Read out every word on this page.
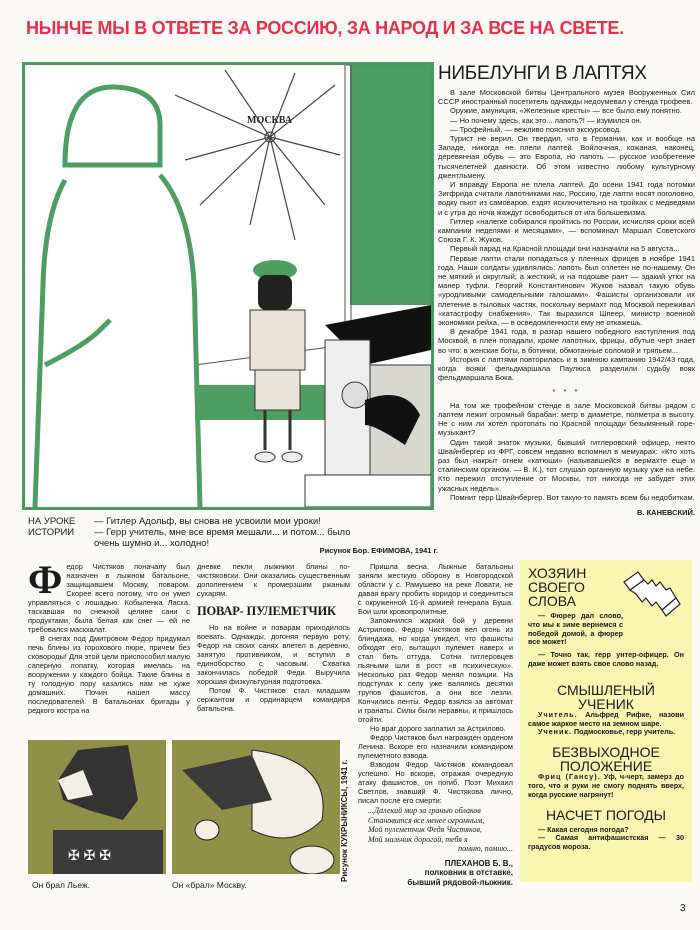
НЫНЧЕ МЫ В ОТВЕТЕ ЗА РОССИЮ, ЗА НАРОД И ЗА ВСЕ НА СВЕТЕ.
МОСКВА
НИБЕЛУНГИ В ЛАПТЯХ

В зале Московской битвы Центрального музея Вооруженных Сил СССР иностранный посетитель однажды недоумевал у стенда трофеев.

Оружие, амуниция, «Железные кресты» — все было ему понятно.

— Но почему здесь, как это... лапоть?! — изумился он.

— Трофейный, — вежливо пояснил экскурсовод.

Турист не верил. Он твердил, что в Германии, как и вообще на Западе, никогда не плели лаптей. Войлочная, кожаная, наконец, деревянная обувь — это Европа, но лапоть — русское изобретение тысячелетней давности. Об этом известно любому культурному джентльмену.

И вправду Европа не плела лаптей. До осени 1941 года потомки Зигфрида считали лапотниками нас, Россию, где лапти носят поголовно, водку пьют из самоваров, ездят исключительно на тройках с медведями и с утра до ночи жаждут освободиться от ига большевизма.

Гитлер «налегке собирался пройтись по России, исчисляя сроки всей кампании неделями и месяцами», — вспоминал Маршал Советского Союза Г. К. Жуков.

Первый парад на Красной площади они назначили на 5 августа...

Первые лапти стали попадаться у пленных фрицев в ноябре 1941 года. Наши солдаты удивлялись: лапоть был сплетен не по-нашему. Он не мягкий и округлый, а жесткий, и на подошве рант — эдакий утюг на манер туфли. Георгий Константинович Жуков назвал такую обувь «уродливыми самодельными галошами». Фашисты организовали их плетение в тыловых частях, поскольку вермахт под Москвой переживал «катастрофу снабжения». Так выразился Шпеер, министр военной экономики рейха, — в осведомленности ему не откажешь.

В декабре 1941 года, в разгар нашего победного наступления под Москвой, в плен попадали, кроме лапотных, фрицы, обутые черт знает во что: в женские боты, в ботинки, обмотанные соломой и тряпьем...

История с лаптями повторилась и в зимнюю кампанию 1942/43 года, когда вояки фельдмаршала Паулюса разделили судьбу вояк фельдмаршала Бока.

* * *

На том же трофейном стенде в зале Московской битвы рядом с лаптем лежит огромный барабан: метр в диаметре, полметра в высоту. Не с ним ли хотел протопать по Красной площади безымянный горе-музыкант?

Один такой знаток музыки, бывший гитлеровский офицер, некто Швайнбергер из ФРГ, совсем недавно вспомнил в мемуарах: «Кто хоть раз был накрыт огнем «катюши» (называвшейся в вермахте еще и сталинским органом. — В. К.), тот слушал органную музыку уже на небе. Кто пережил отступление от Москвы, тот никогда не забудет этих ужасных недель».

Помнит герр Швайнбергер. Вот такую-то память всем бы недобиткам.

В. КАНЕВСКИЙ.
НА УРОКЕ ИСТОРИИ
— Гитлер Адольф, вы снова не усвоили мои уроки!
— Герр учитель, мне все время мешали... и потом... было очень шумно и... холодно!
Рисунок Бор. ЕФИМОВА, 1941 г.
Ф едор Чистяков поначалу был назначен в лыжном батальоне, защищавшем Москву, поваром. Скорее всего потому, что он умел управляться с лошадью. Кобыленка Ласка, таскавшая по снежной целине сани с продуктами, была белая как снег — ей не требовался маскхалат.

В снегах под Дмитровом Федор придумал печь блины из горохового пюре, причем без сковороды! Для этой цели приспособил малую саперную лопатку, которая имелась на вооружении у каждого бойца. Такие блины в ту голодную пору казались нам не хуже домашних. Почин нашел массу последователей. В батальонах бригады у редкого костра на

дневке пекли лыжники блины по-чистяковски. Они оказались существенным дополнением к промерзшим ржаным сухарям.

ПОВАР- ПУЛЕМЕТЧИК

Но на войне и поварам приходилось воевать. Однажды, догоняя первую роту, Федор на своих санях влетел в деревню, занятую противником, и вступил в единоборство с часовым. Схватка закончилась победой Феди. Выручила хорошая физкультурная подготовка.

Потом Ф. Чистяков стал младшим сержантом и ординарцем командира батальона.

Пришла весна. Лыжные батальоны заняли жесткую оборону в Новгородской области у с. Рамушево на реке Ловати, не давая врагу пробить коридор и соединиться с окруженной 16-й армией генерала Буша. Бои шли кровопролитные.

Запомнился жаркий бой у деревни Астрилово. Федор Чистяков вел огонь из блиндажа, но когда увидел, что фашисты обходят его, вытащил пулемет наверх и стал бить оттуда. Сотни гитлеровцев пьяными шли в рост «в психическую». Несколько раз Федор менял позиции. На подступах к селу уже валялись десятки трупов фашистов, а они все лезли. Кончились ленты. Федор взялся за автомат и гранаты. Силы были неравны, и пришлось отойти.

Но враг дорого заплатил за Астрилово.

Федор Чистяков был награжден орденом Ленина. Вскоре его назначили командиром пулеметного взвода.

Взводом Федор Чистяков командовал успешно. Но вскоре, отражая очередную атаку фашистов, он погиб. Поэт Михаил Светлов, знавший Ф. Чистякова лично, писал после его смерти:

...Далекий мир за гранью облаков
Становится все менее огромным,
Мой пулеметчик Федя Чистяков,
Мой мальчик дорогой, тебя я
помню, помню...
ПЛЕХАНОВ Б. В.,
полковник в отставке,
бывший рядовой-лыжник.
ХОЗЯИН СВОЕГО СЛОВА

— Фюрер дал слово, что мы к зиме вернемся с победой домой, а фюрер все может!

— Точно так, герр унтер-офицер. Он даже может взять свое слово назад.

СМЫШЛЕНЫЙ УЧЕНИК

Учитель. Альфред Рифке, назови самое жаркое место на земном шаре.

Ученик. Подмосковье, герр учитель.

БЕЗВЫХОДНОЕ ПОЛОЖЕНИЕ

Фриц (Гансу). Уф, ч-черт, замерз до того, что и руки не смогу поднять вверх, когда русские нагрянут!

НАСЧЕТ ПОГОДЫ

— Какая сегодня погода?

— Самая антифашистская — 30 градусов мороза.

✠ ✠ ✠
Он брал Льеж.	Он «брал» Москву.
Рисунок КУКРЫНИКСЫ, 1941 г.
3
